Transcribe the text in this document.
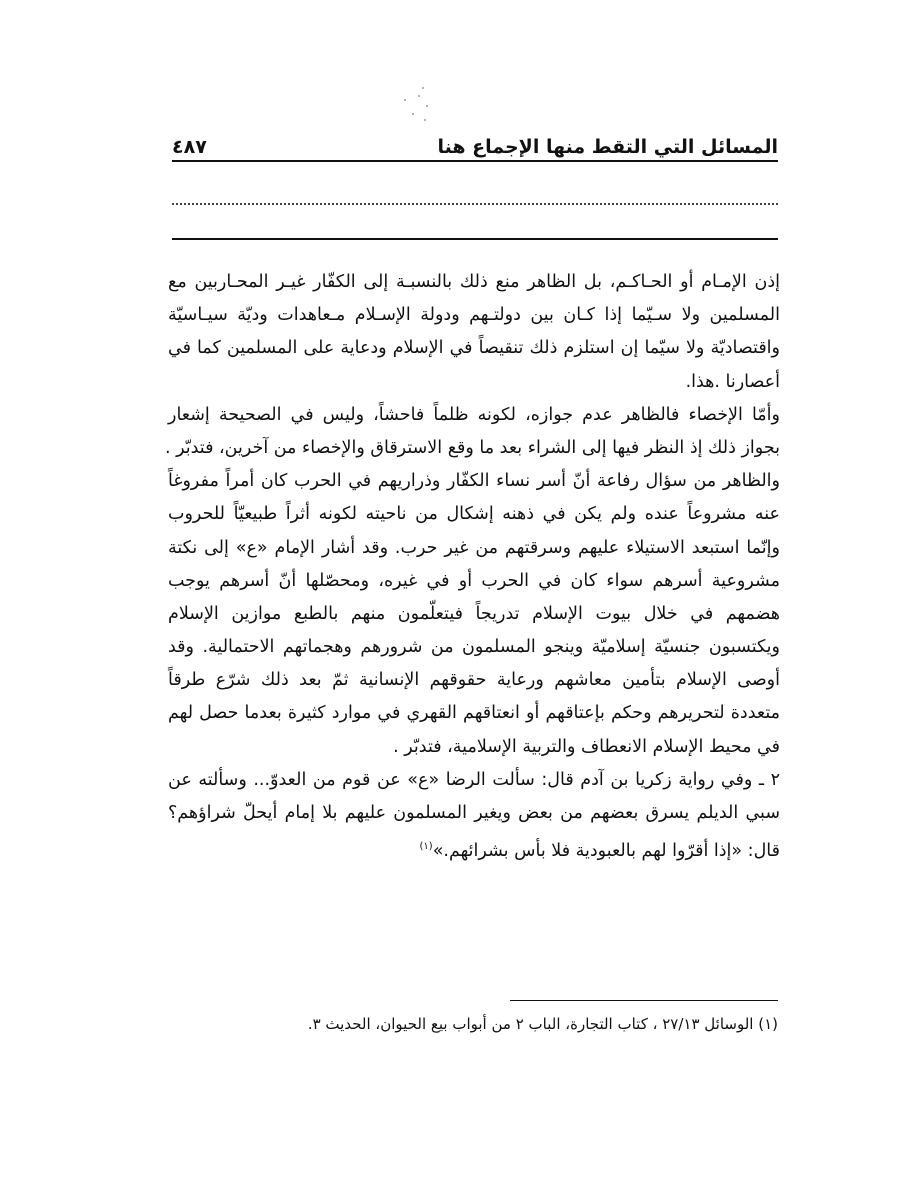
٤٨٧	المسائل التي التقط منها الإجماع هنا
إذن الإمـام أو الحـاكـم، بل الظاهر منع ذلك بالنسبـة إلى الكفّار غيـر المحـاربين مع
المسلمين ولا سـيّما إذا كـان بين دولتـهم ودولة الإسـلام مـعاهدات وديّة سيـاسيّة
واقتصاديّة ولا سيّما إن استلزم ذلك تنقيصاً في الإسلام ودعاية على المسلمين كما في
أعصارنا .هذا.
وأمّا الإخصاء فالظاهر عدم جوازه، لكونه ظلماً فاحشاً، وليس في الصحيحة إشعار
بجواز ذلك إذ النظر فيها إلى الشراء بعد ما وقع الاسترقاق والإخصاء من آخرين، فتدبّر .
والظاهر من سؤال رفاعة أنّ أسر نساء الكفّار وذراريهم في الحرب كان أمراً مفروغاً
عنه مشروعاً عنده ولم يكن في ذهنه إشكال من ناحيته لكونه أثراً طبيعيّاً للحروب
وإنّما استبعد الاستيلاء عليهم وسرقتهم من غير حرب. وقد أشار الإمام «ع» إلى نكتة
مشروعية أسرهم سواء كان في الحرب أو في غيره، ومحصّلها أنّ أسرهم يوجب
هضمهم في خلال بيوت الإسلام تدريجاً فيتعلّمون منهم بالطبع موازين الإسلام
ويكتسبون جنسيّة إسلاميّة وينجو المسلمون من شرورهم وهجماتهم الاحتمالية. وقد
أوصى الإسلام بتأمين معاشهم ورعاية حقوقهم الإنسانية ثمّ بعد ذلك شرّع طرقاً
متعددة لتحريرهم وحكم بإعتاقهم أو انعتاقهم القهري في موارد كثيرة بعدما حصل لهم
في محيط الإسلام الانعطاف والتربية الإسلامية، فتدبّر .
٢ ـ وفي رواية زكريا بن آدم قال: سألت الرضا «ع» عن قوم من العدوّ... وسألته عن
سبي الديلم يسرق بعضهم من بعض ويغير المسلمون عليهم بلا إمام أيحلّ شراؤهم؟
قال: «إذا أقرّوا لهم بالعبودية فلا بأس بشرائهم.»$^{(١)}$
(١) الوسائل ٢٧/١٣ ، كتاب التجارة، الباب ٢ من أبواب بيع الحيوان، الحديث ٣.
